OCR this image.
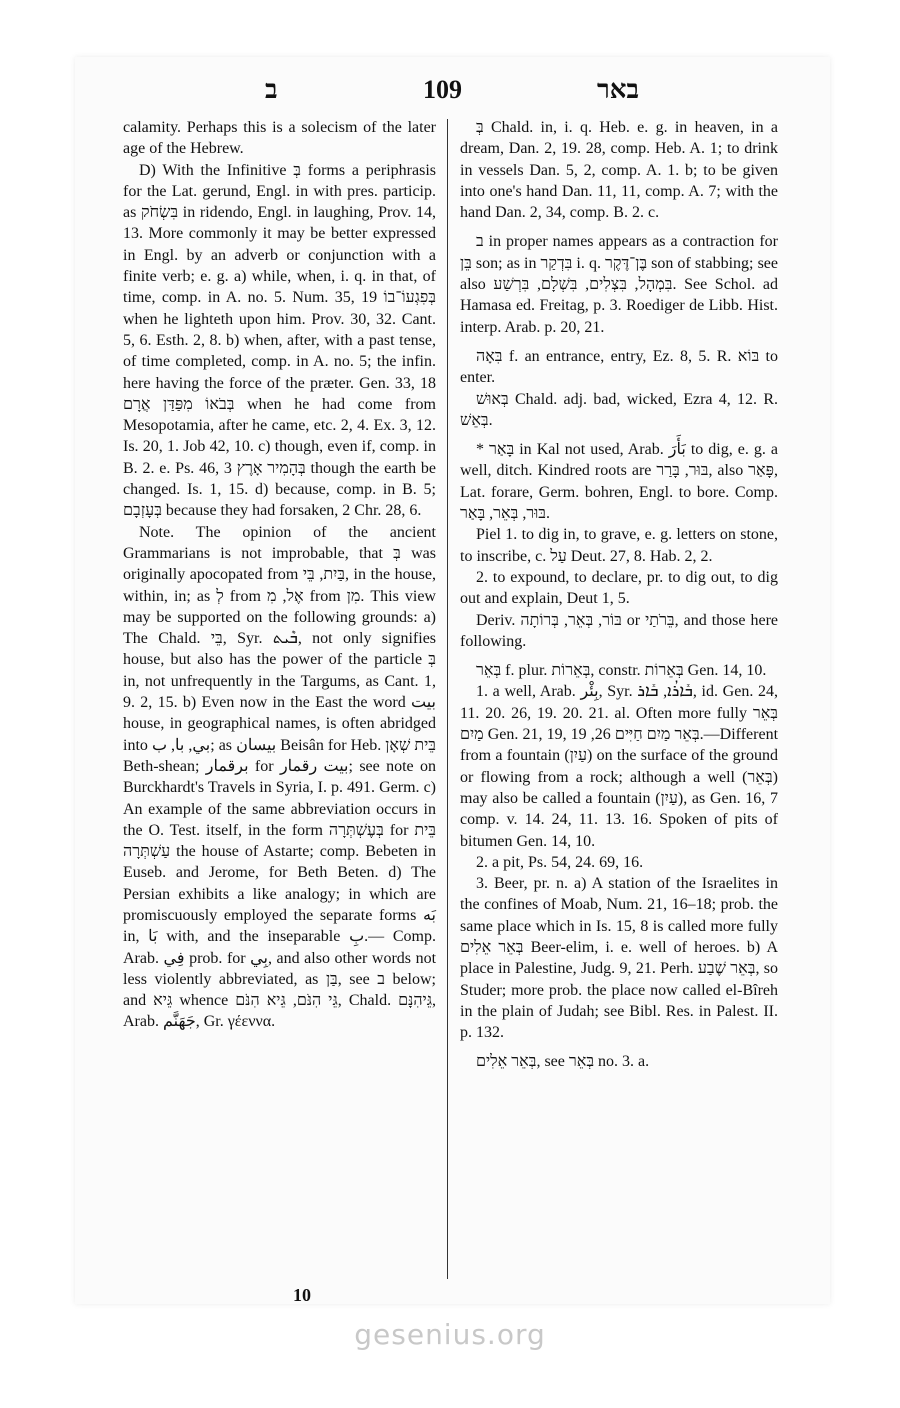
ב	109	באר

calamity. Perhaps this is a solecism of the later age of the Hebrew.

D) With the Infinitive בְּ forms a periphrasis for the Lat. gerund, Engl. in with pres. particip. as בִּשְׂחֹק in ridendo, Engl. in laughing, Prov. 14, 13. More commonly it may be better expressed in Engl. by an adverb or conjunction with a finite verb; e. g. a) while, when, i. q. in that, of time, comp. in A. no. 5. Num. 35, 19 בְּפִגְעוֹ־בוֹ when he lighteth upon him. Prov. 30, 32. Cant. 5, 6. Esth. 2, 8. b) when, after, with a past tense, of time completed, comp. in A. no. 5; the infin. here having the force of the præter. Gen. 33, 18 בְּבֹאוֹ מִפַּדַּן אֲרָם when he had come from Mesopotamia, after he came, etc. 2, 4. Ex. 3, 12. Is. 20, 1. Job 42, 10. c) though, even if, comp. in B. 2. e. Ps. 46, 3 בְּהָמִיר אָרֶץ though the earth be changed. Is. 1, 15. d) because, comp. in B. 5; בְּעָזְבָם because they had forsaken, 2 Chr. 28, 6.

Note. The opinion of the ancient Grammarians is not improbable, that בְּ was originally apocopated from בַּיִת, בֵּי, in the house, within, in; as לְ from אֶל, מִ from מִן. This view may be supported on the following grounds: a) The Chald. בֵּי, Syr. ܒܶܝܬ, not only signifies house, but also has the power of the particle בְּ in, not unfrequently in the Targums, as Cant. 1, 9. 2, 15. b) Even now in the East the word بيت house, in geographical names, is often abridged into بي, با, ب; as بيسان Beisân for Heb. בֵּית שְׁאָן Beth-shean; برقمار for بيت رقمار; see note on Burckhardt's Travels in Syria, I. p. 491. Germ. c) An example of the same abbreviation occurs in the O. Test. itself, in the form בְּעֶשְׁתְּרָה for בֵּית עַשְׁתְּרָה the house of Astarte; comp. Bebeten in Euseb. and Jerome, for Beth Beten. d) The Persian exhibits a like analogy; in which are promiscuously employed the separate forms بَه in, بَا with, and the inseparable بِ.— Comp. Arab. فِي prob. for بِي, and also other words not less violently abbreviated, as בַּן, see ב below; and גֵּיא whence גֵּי הִנֹּם, גֵּיא הִנֹּם, Chald. גֵּיהִנָּם, Arab. جَهَنَّم, Gr. γέεννα.

בְּ Chald. in, i. q. Heb. e. g. in heaven, in a dream, Dan. 2, 19. 28, comp. Heb. A. 1; to drink in vessels Dan. 5, 2, comp. A. 1. b; to be given into one's hand Dan. 11, 11, comp. A. 7; with the hand Dan. 2, 34, comp. B. 2. c.

ב in proper names appears as a contraction for בֵּן son; as in בִּדְקַר i. q. בֶּן־דֶּקֶר son of stabbing; see also בִּמְהָל, בִּצְלִים, בִּשְׁלָם, בִּרְשַׁע. See Schol. ad Hamasa ed. Freitag, p. 3. Roediger de Libb. Hist. interp. Arab. p. 20, 21.

בִּאָה f. an entrance, entry, Ez. 8, 5. R. בּוֹא to enter.

בְּאוּשׁ Chald. adj. bad, wicked, Ezra 4, 12. R. בְּאֵשׁ.

* בָּאַר in Kal not used, Arab. بَأَرَ to dig, e. g. a well, ditch. Kindred roots are בּוּר, בָּרַר, also פָּאַר, Lat. forare, Germ. bohren, Engl. to bore. Comp. בּוּר, בְּאֵר, בָּאַר.

Piel 1. to dig in, to grave, e. g. letters on stone, to inscribe, c. עַל Deut. 27, 8. Hab. 2, 2.

2. to expound, to declare, pr. to dig out, to dig out and explain, Deut 1, 5.

Deriv. בּוֹר, בְּאֵר, בְּרוֹתָה or בֵּרֹתַי, and those here following.

בְּאֵר f. plur. בְּאֵרוֹת, constr. בְּאֵרוֹת Gen. 14, 10.

1. a well, Arab. بِئْر, Syr. ܒܺܐܪܳܐ, ܒܺܐܪ, id. Gen. 24, 11. 20. 26, 19. 20. 21. al. Often more fully בְּאֵר מַיִם Gen. 21, 19, בְּאֵר מַיִם חַיִּים 26, 19.—Different from a fountain (עַיִן) on the surface of the ground or flowing from a rock; although a well (בְּאֵר) may also be called a fountain (עַיִן), as Gen. 16, 7 comp. v. 14. 24, 11. 13. 16. Spoken of pits of bitumen Gen. 14, 10.

2. a pit, Ps. 54, 24. 69, 16.

3. Beer, pr. n. a) A station of the Israelites in the confines of Moab, Num. 21, 16–18; prob. the same place which in Is. 15, 8 is called more fully בְּאֵר אֵלִים Beer-elim, i. e. well of heroes. b) A place in Palestine, Judg. 9, 21. Perh. בְּאֵר שֶׁבַע, so Studer; more prob. the place now called el-Bîreh in the plain of Judah; see Bibl. Res. in Palest. II. p. 132.

בְּאֵר אֵלִים, see בְּאֵר no. 3. a.

10
gesenius.org
